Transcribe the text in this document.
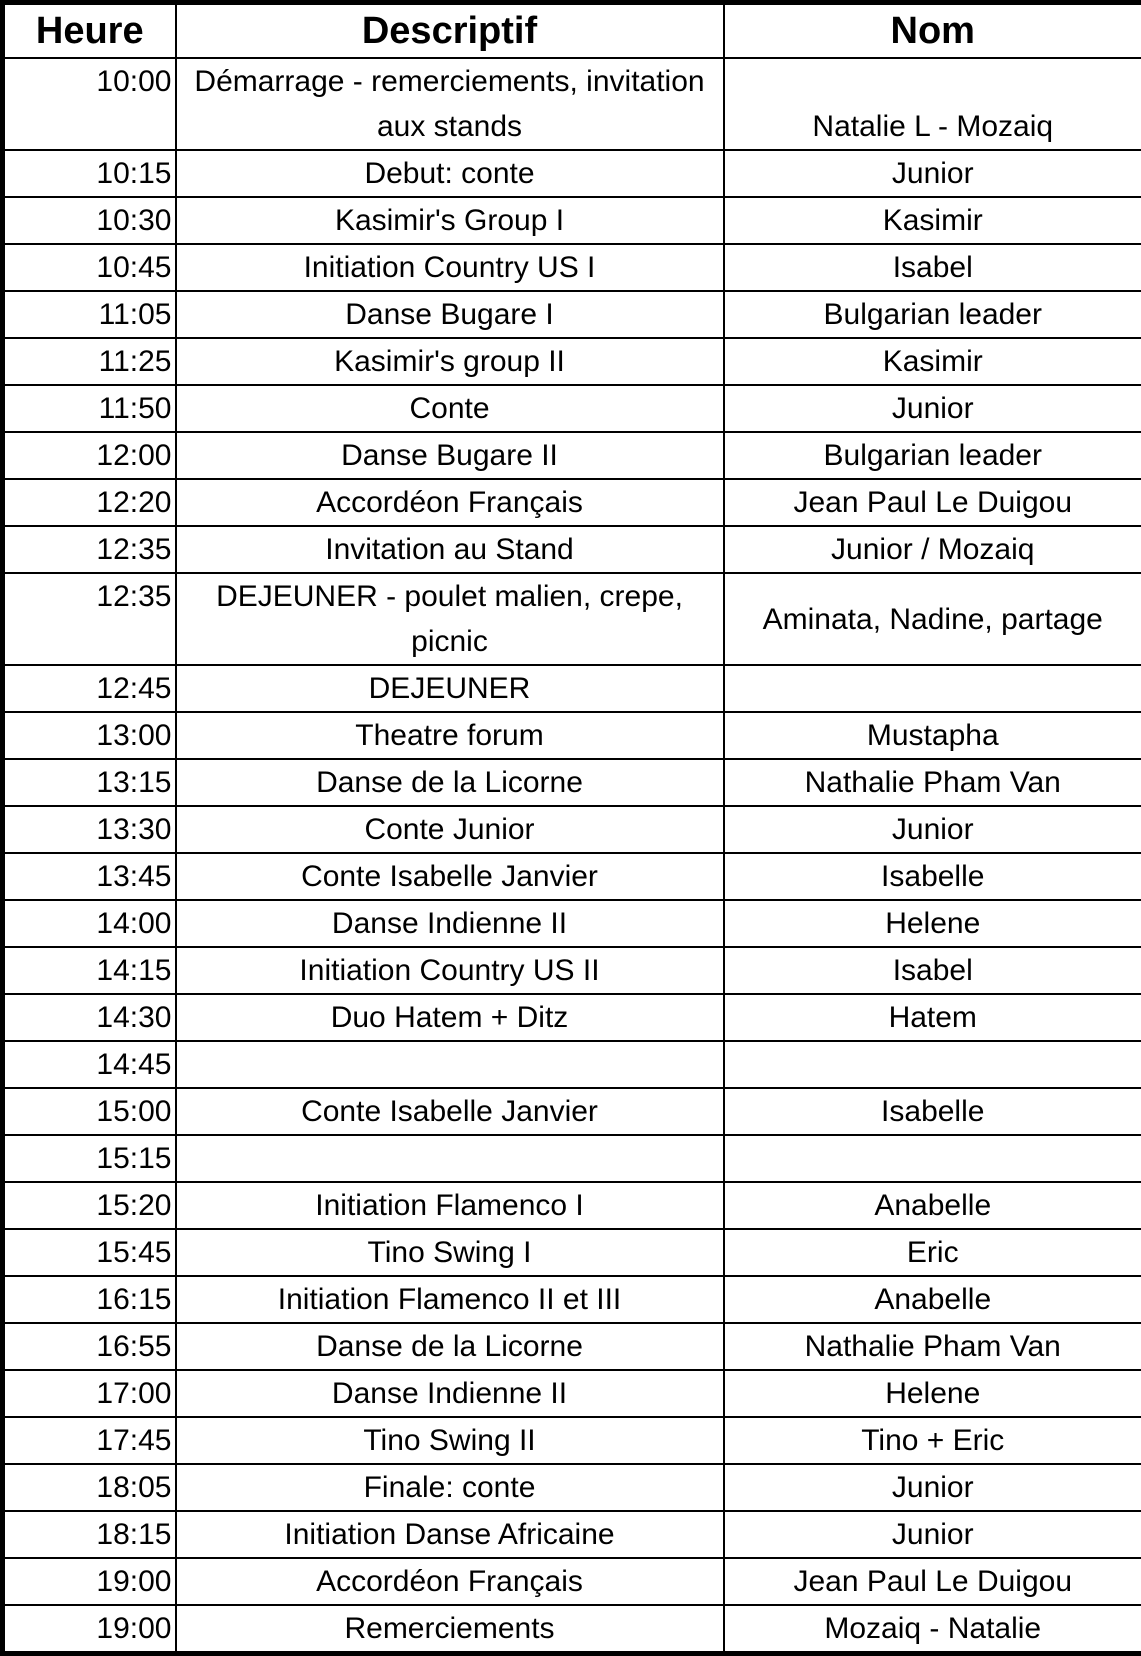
Heure	Descriptif	Nom
10:00	Démarrage - remerciements, invitation aux stands	Natalie L - Mozaiq
10:15	Debut: conte	Junior
10:30	Kasimir's Group I	Kasimir
10:45	Initiation Country US I	Isabel
11:05	Danse Bugare I	Bulgarian leader
11:25	Kasimir's group II	Kasimir
11:50	Conte	Junior
12:00	Danse Bugare II	Bulgarian leader
12:20	Accordéon Français	Jean Paul Le Duigou
12:35	Invitation au Stand	Junior / Mozaiq
12:35	DEJEUNER - poulet malien, crepe, picnic	Aminata, Nadine, partage
12:45	DEJEUNER	
13:00	Theatre forum	Mustapha
13:15	Danse de la Licorne	Nathalie Pham Van
13:30	Conte Junior	Junior
13:45	Conte Isabelle Janvier	Isabelle
14:00	Danse Indienne II	Helene
14:15	Initiation Country US II	Isabel
14:30	Duo Hatem + Ditz	Hatem
14:45		
15:00	Conte Isabelle Janvier	Isabelle
15:15		
15:20	Initiation Flamenco I	Anabelle
15:45	Tino Swing I	Eric
16:15	Initiation Flamenco II et III	Anabelle
16:55	Danse de la Licorne	Nathalie Pham Van
17:00	Danse Indienne II	Helene
17:45	Tino Swing II	Tino + Eric
18:05	Finale: conte	Junior
18:15	Initiation Danse Africaine	Junior
19:00	Accordéon Français	Jean Paul Le Duigou
19:00	Remerciements	Mozaiq - Natalie
